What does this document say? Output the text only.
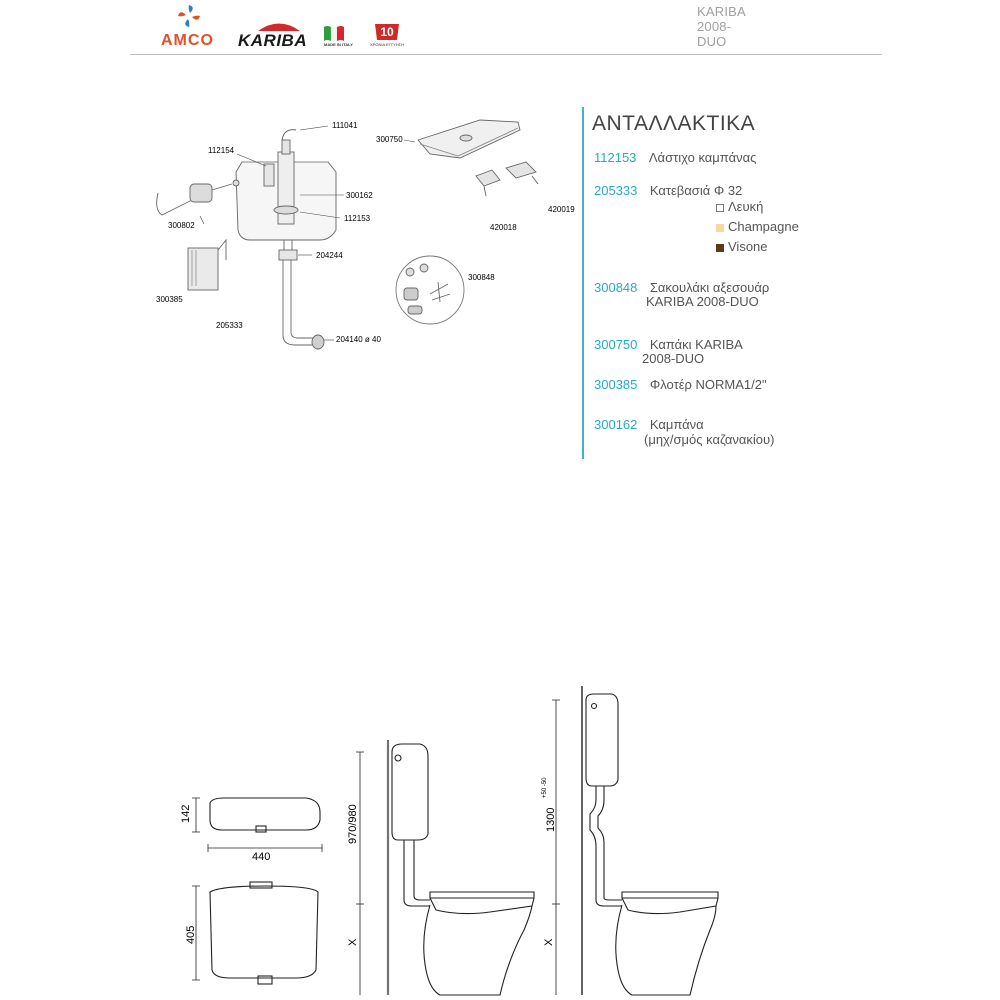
KARIBA 2008-DUO
AMCO KARIBA	MADE IN ITALY
10
ΧΡΟΝΙΑ ΕΓΓΥΗΣΗ
111041
112154
300750
300162
112153
300802
204244
300385
205333
204140 ø 40
420018
420019
300848
ΑΝΤΑΛΛΑΚΤΙΚΑ
112153 Λάστιχο καμπάνας
205333 Κατεβασιά Φ 32
Λευκή
Champagne
Visone
300848 Σακουλάκι αξεσουάρ
KARIBA 2008-DUO
300750 Καπάκι KARIBA
2008-DUO
300385 Φλοτέρ NORMA1/2"
300162 Καμπάνα
(μηχ/σμός καζανακίου)
142
440
405
970/980
X
1300
+50 -50
X
